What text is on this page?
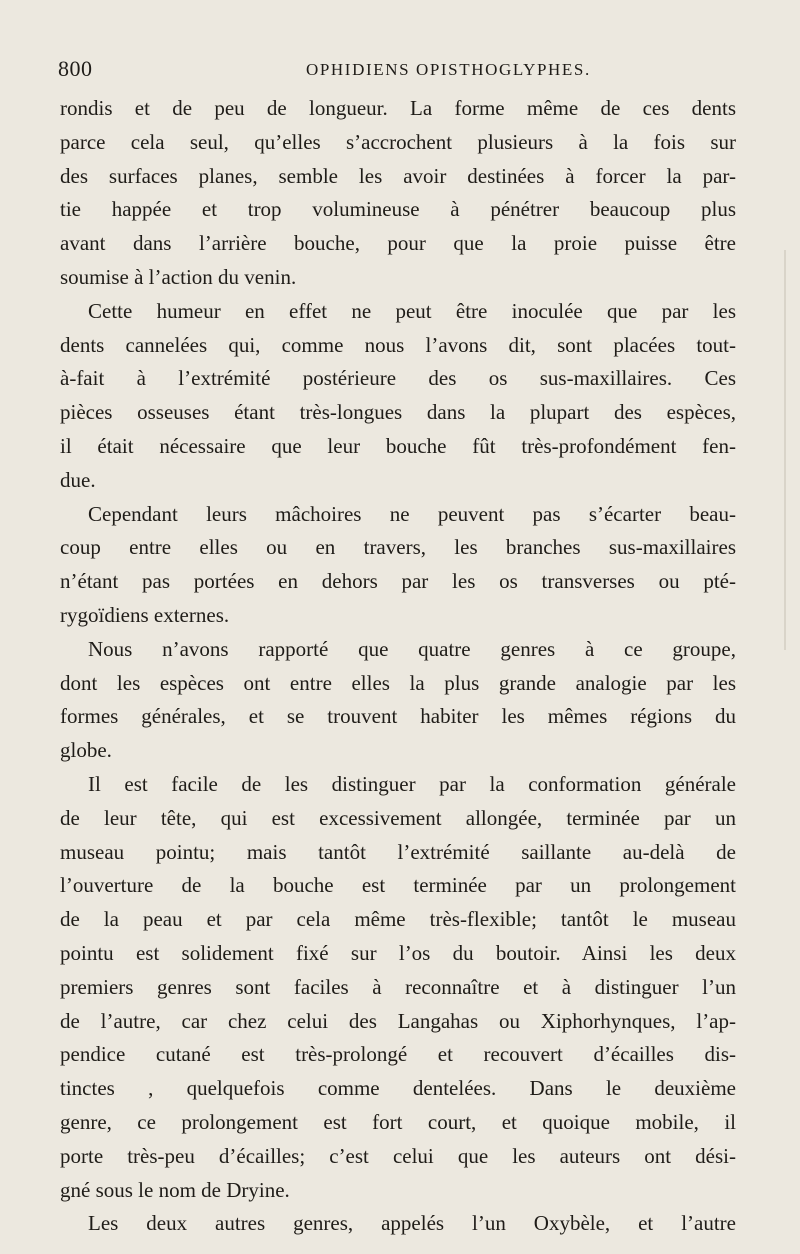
800	OPHIDIENS OPISTHOGLYPHES.
rondis et de peu de longueur. La forme même de ces dents
parce cela seul, qu’elles s’accrochent plusieurs à la fois sur
des surfaces planes, semble les avoir destinées à forcer la par-
tie happée et trop volumineuse à pénétrer beaucoup plus
avant dans l’arrière bouche, pour que la proie puisse être
soumise à l’action du venin.
Cette humeur en effet ne peut être inoculée que par les
dents cannelées qui, comme nous l’avons dit, sont placées tout-
à-fait à l’extrémité postérieure des os sus-maxillaires. Ces
pièces osseuses étant très-longues dans la plupart des espèces,
il était nécessaire que leur bouche fût très-profondément fen-
due.
Cependant leurs mâchoires ne peuvent pas s’écarter beau-
coup entre elles ou en travers, les branches sus-maxillaires
n’étant pas portées en dehors par les os transverses ou pté-
rygoïdiens externes.
Nous n’avons rapporté que quatre genres à ce groupe,
dont les espèces ont entre elles la plus grande analogie par les
formes générales, et se trouvent habiter les mêmes régions du
globe.
Il est facile de les distinguer par la conformation générale
de leur tête, qui est excessivement allongée, terminée par un
museau pointu; mais tantôt l’extrémité saillante au-delà de
l’ouverture de la bouche est terminée par un prolongement
de la peau et par cela même très-flexible; tantôt le museau
pointu est solidement fixé sur l’os du boutoir. Ainsi les deux
premiers genres sont faciles à reconnaître et à distinguer l’un
de l’autre, car chez celui des Langahas ou Xiphorhynques, l’ap-
pendice cutané est très-prolongé et recouvert d’écailles dis-
tinctes , quelquefois comme dentelées. Dans le deuxième
genre, ce prolongement est fort court, et quoique mobile, il
porte très-peu d’écailles; c’est celui que les auteurs ont dési-
gné sous le nom de Dryine.
Les deux autres genres, appelés l’un Oxybèle, et l’autre
